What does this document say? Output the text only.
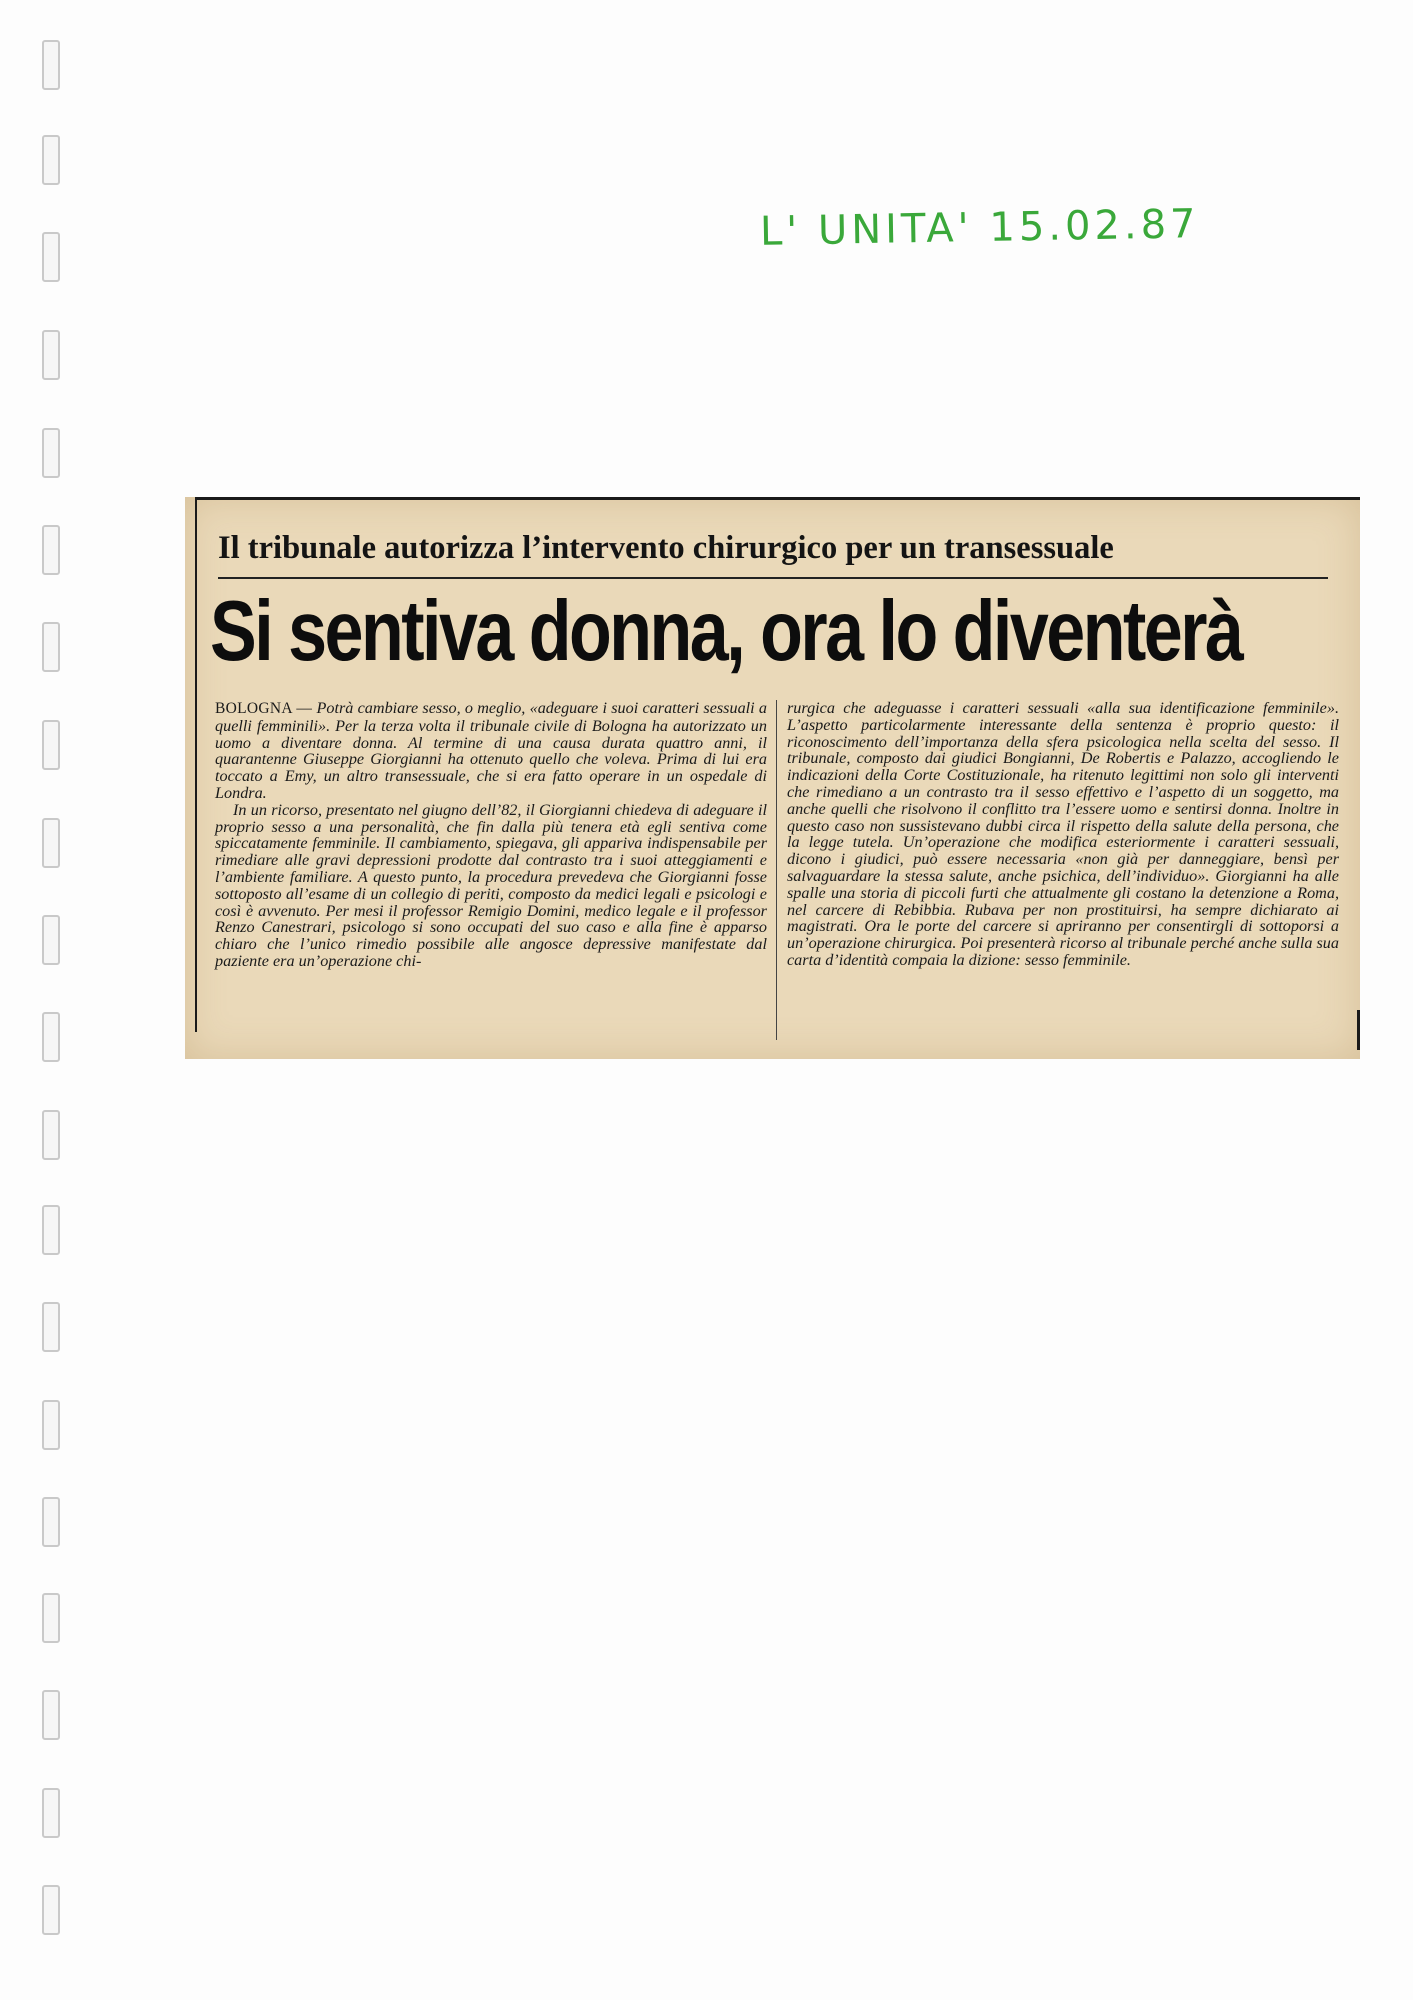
L' UNITA' 15.02.87
Il tribunale autorizza l’intervento chirurgico per un transessuale
Si sentiva donna, ora lo diventerà

BOLOGNA — Potrà cambiare sesso, o meglio, «adeguare i suoi caratteri sessuali a quelli femminili». Per la terza volta il tribunale civile di Bologna ha autorizzato un uomo a diventare donna. Al termine di una causa durata quattro anni, il quarantenne Giuseppe Giorgianni ha ottenuto quello che voleva. Prima di lui era toccato a Emy, un altro transessuale, che si era fatto operare in un ospedale di Londra.

In un ricorso, presentato nel giugno dell’82, il Giorgianni chiedeva di adeguare il proprio sesso a una personalità, che fin dalla più tenera età egli sentiva come spiccatamente femminile. Il cambiamento, spiegava, gli appariva indispensabile per rimediare alle gravi depressioni prodotte dal contrasto tra i suoi atteggiamenti e l’ambiente familiare. A questo punto, la procedura prevedeva che Giorgianni fosse sottoposto all’esame di un collegio di periti, composto da medici legali e psicologi e così è avvenuto. Per mesi il professor Remigio Domini, medico legale e il professor Renzo Canestrari, psicologo si sono occupati del suo caso e alla fine è apparso chiaro che l’unico rimedio possibile alle angosce depressive manifestate dal paziente era un’operazione chi-

rurgica che adeguasse i caratteri sessuali «alla sua identificazione femminile». L’aspetto particolarmente interessante della sentenza è proprio questo: il riconoscimento dell’importanza della sfera psicologica nella scelta del sesso. Il tribunale, composto dai giudici Bongianni, De Robertis e Palazzo, accogliendo le indicazioni della Corte Costituzionale, ha ritenuto legittimi non solo gli interventi che rimediano a un contrasto tra il sesso effettivo e l’aspetto di un soggetto, ma anche quelli che risolvono il conflitto tra l’essere uomo e sentirsi donna. Inoltre in questo caso non sussistevano dubbi circa il rispetto della salute della persona, che la legge tutela. Un’operazione che modifica esteriormente i caratteri sessuali, dicono i giudici, può essere necessaria «non già per danneggiare, bensì per salvaguardare la stessa salute, anche psichica, dell’individuo». Giorgianni ha alle spalle una storia di piccoli furti che attualmente gli costano la detenzione a Roma, nel carcere di Rebibbia. Rubava per non prostituirsi, ha sempre dichiarato ai magistrati. Ora le porte del carcere si apriranno per consentirgli di sottoporsi a un’operazione chirurgica. Poi presenterà ricorso al tribunale perché anche sulla sua carta d’identità compaia la dizione: sesso femminile.
